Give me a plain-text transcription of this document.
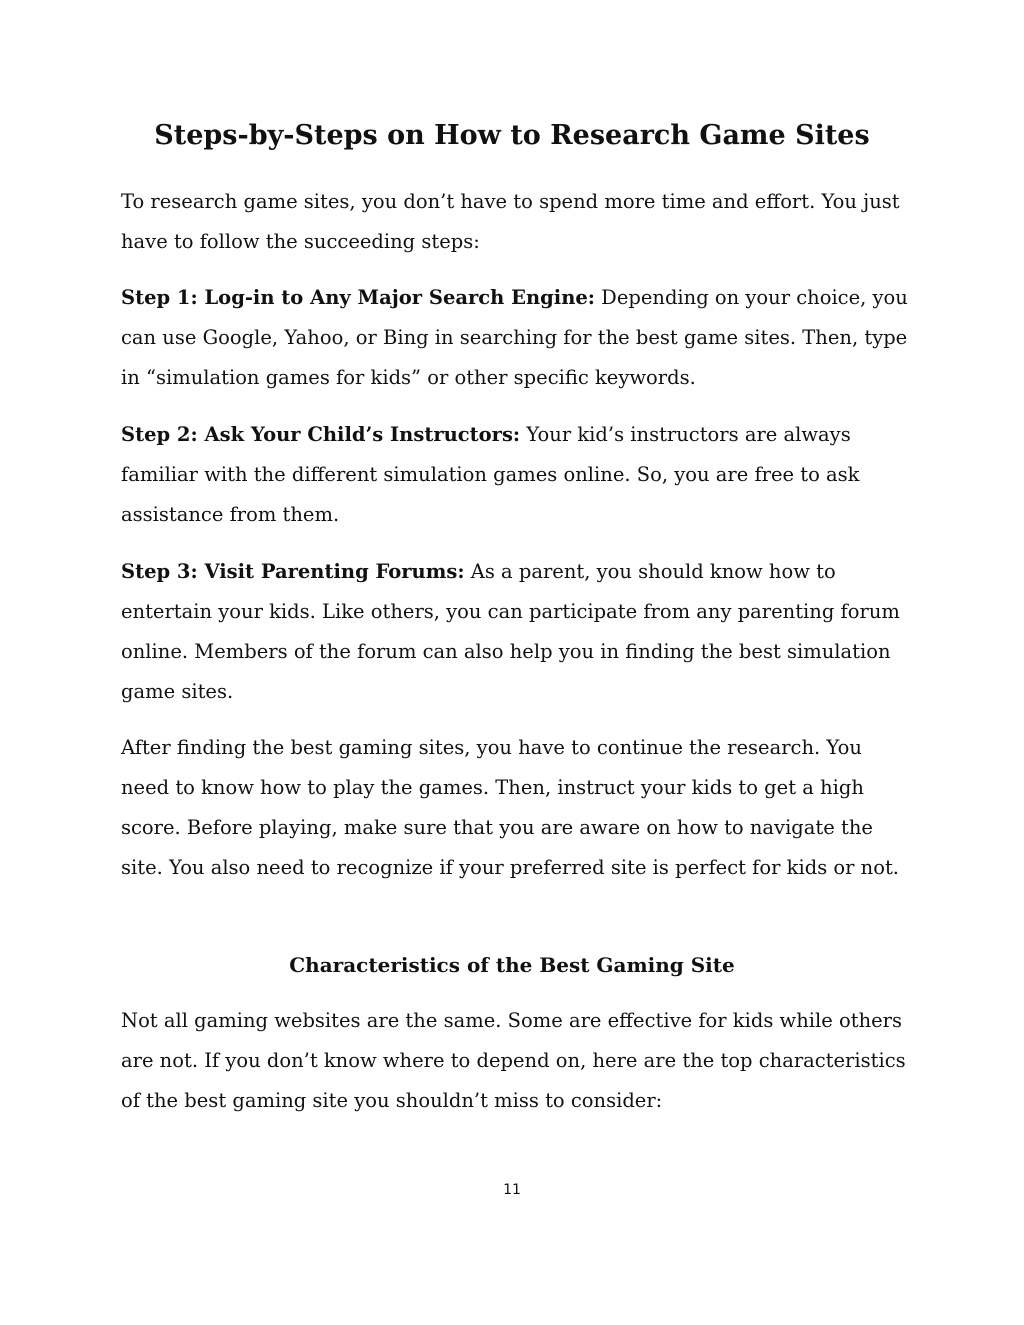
Steps-by-Steps on How to Research Game Sites

To research game sites, you don’t have to spend more time and effort. You just have to follow the succeeding steps:

Step 1: Log-in to Any Major Search Engine: Depending on your choice, you can use Google, Yahoo, or Bing in searching for the best game sites. Then, type in “simulation games for kids” or other specific keywords.

Step 2: Ask Your Child’s Instructors: Your kid’s instructors are always familiar with the different simulation games online. So, you are free to ask assistance from them.

Step 3: Visit Parenting Forums: As a parent, you should know how to entertain your kids. Like others, you can participate from any parenting forum online. Members of the forum can also help you in finding the best simulation game sites.

After finding the best gaming sites, you have to continue the research. You need to know how to play the games. Then, instruct your kids to get a high score. Before playing, make sure that you are aware on how to navigate the site. You also need to recognize if your preferred site is perfect for kids or not.

Characteristics of the Best Gaming Site

Not all gaming websites are the same. Some are effective for kids while others are not. If you don’t know where to depend on, here are the top characteristics of the best gaming site you shouldn’t miss to consider:

11
